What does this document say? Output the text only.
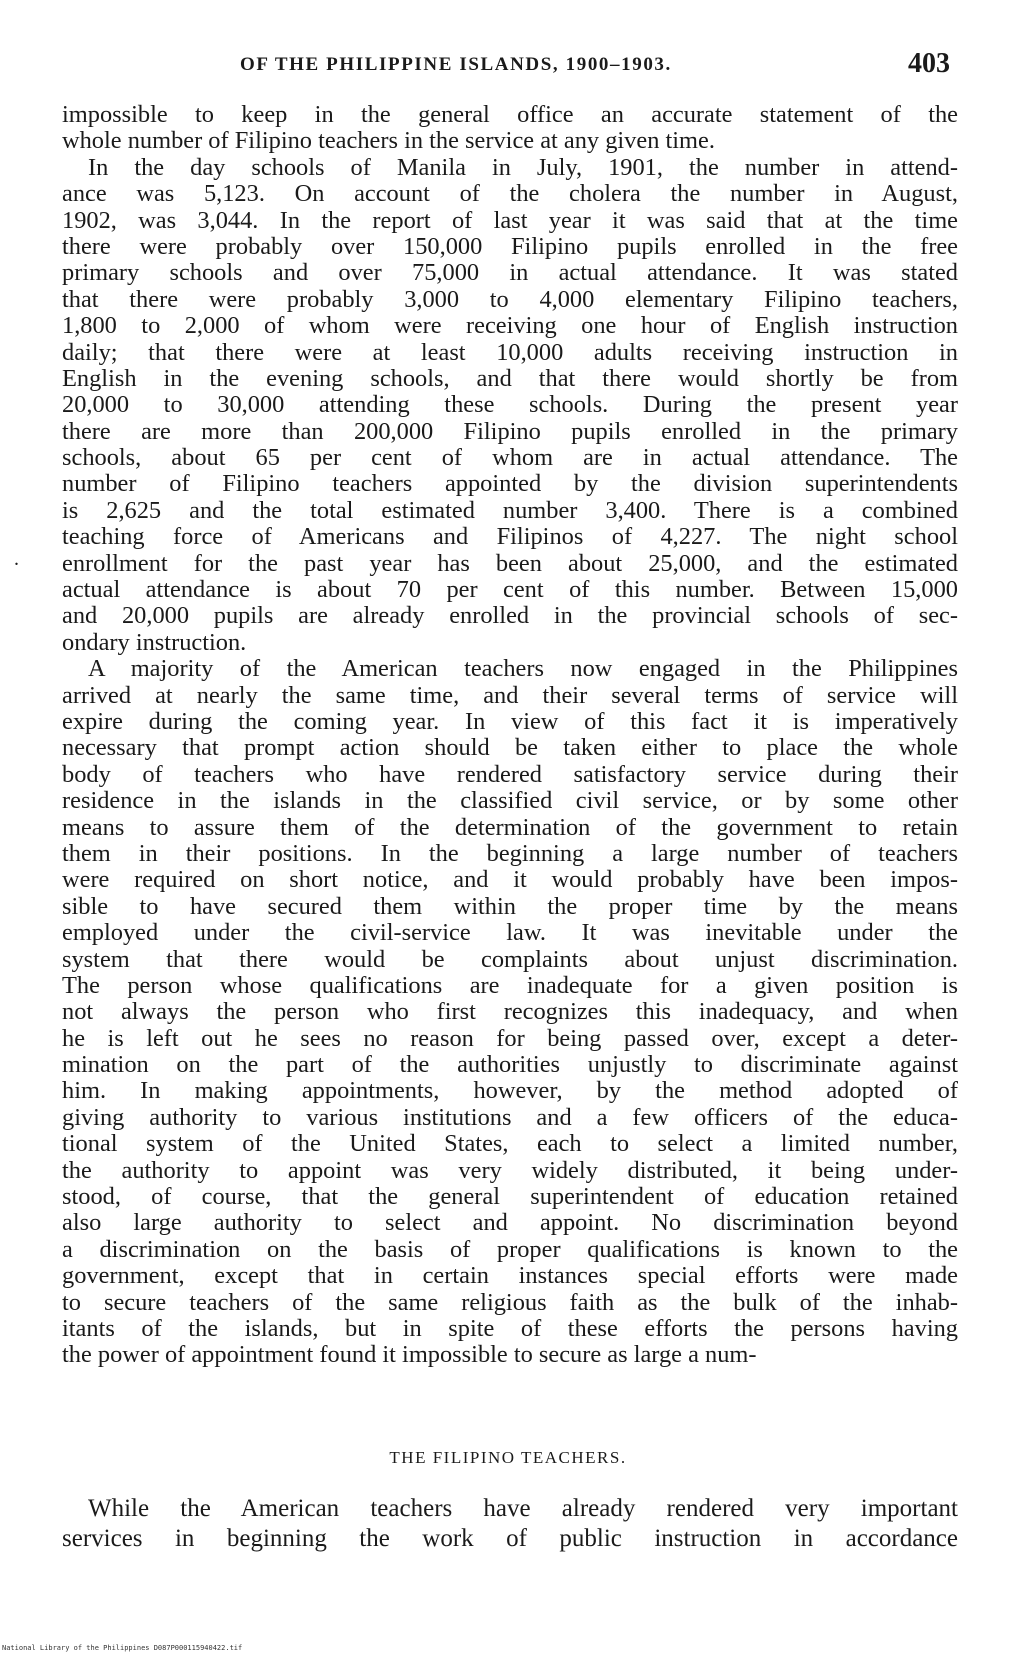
OF THE PHILIPPINE ISLANDS, 1900–1903.	403
.
impossible to keep in the general office an accurate statement of the
whole number of Filipino teachers in the service at any given time.
In the day schools of Manila in July, 1901, the number in attend-
ance was 5,123. On account of the cholera the number in August,
1902, was 3,044. In the report of last year it was said that at the time
there were probably over 150,000 Filipino pupils enrolled in the free
primary schools and over 75,000 in actual attendance. It was stated
that there were probably 3,000 to 4,000 elementary Filipino teachers,
1,800 to 2,000 of whom were receiving one hour of English instruction
daily; that there were at least 10,000 adults receiving instruction in
English in the evening schools, and that there would shortly be from
20,000 to 30,000 attending these schools. During the present year
there are more than 200,000 Filipino pupils enrolled in the primary
schools, about 65 per cent of whom are in actual attendance. The
number of Filipino teachers appointed by the division superintendents
is 2,625 and the total estimated number 3,400. There is a combined
teaching force of Americans and Filipinos of 4,227. The night school
enrollment for the past year has been about 25,000, and the estimated
actual attendance is about 70 per cent of this number. Between 15,000
and 20,000 pupils are already enrolled in the provincial schools of sec-
ondary instruction.
A majority of the American teachers now engaged in the Philippines
arrived at nearly the same time, and their several terms of service will
expire during the coming year. In view of this fact it is imperatively
necessary that prompt action should be taken either to place the whole
body of teachers who have rendered satisfactory service during their
residence in the islands in the classified civil service, or by some other
means to assure them of the determination of the government to retain
them in their positions. In the beginning a large number of teachers
were required on short notice, and it would probably have been impos-
sible to have secured them within the proper time by the means
employed under the civil-service law. It was inevitable under the
system that there would be complaints about unjust discrimination.
The person whose qualifications are inadequate for a given position is
not always the person who first recognizes this inadequacy, and when
he is left out he sees no reason for being passed over, except a deter-
mination on the part of the authorities unjustly to discriminate against
him. In making appointments, however, by the method adopted of
giving authority to various institutions and a few officers of the educa-
tional system of the United States, each to select a limited number,
the authority to appoint was very widely distributed, it being under-
stood, of course, that the general superintendent of education retained
also large authority to select and appoint. No discrimination beyond
a discrimination on the basis of proper qualifications is known to the
government, except that in certain instances special efforts were made
to secure teachers of the same religious faith as the bulk of the inhab-
itants of the islands, but in spite of these efforts the persons having
the power of appointment found it impossible to secure as large a num-
THE FILIPINO TEACHERS.
While the American teachers have already rendered very important
services in beginning the work of public instruction in accordance
National Library of the Philippines D087P000115940422.tif
